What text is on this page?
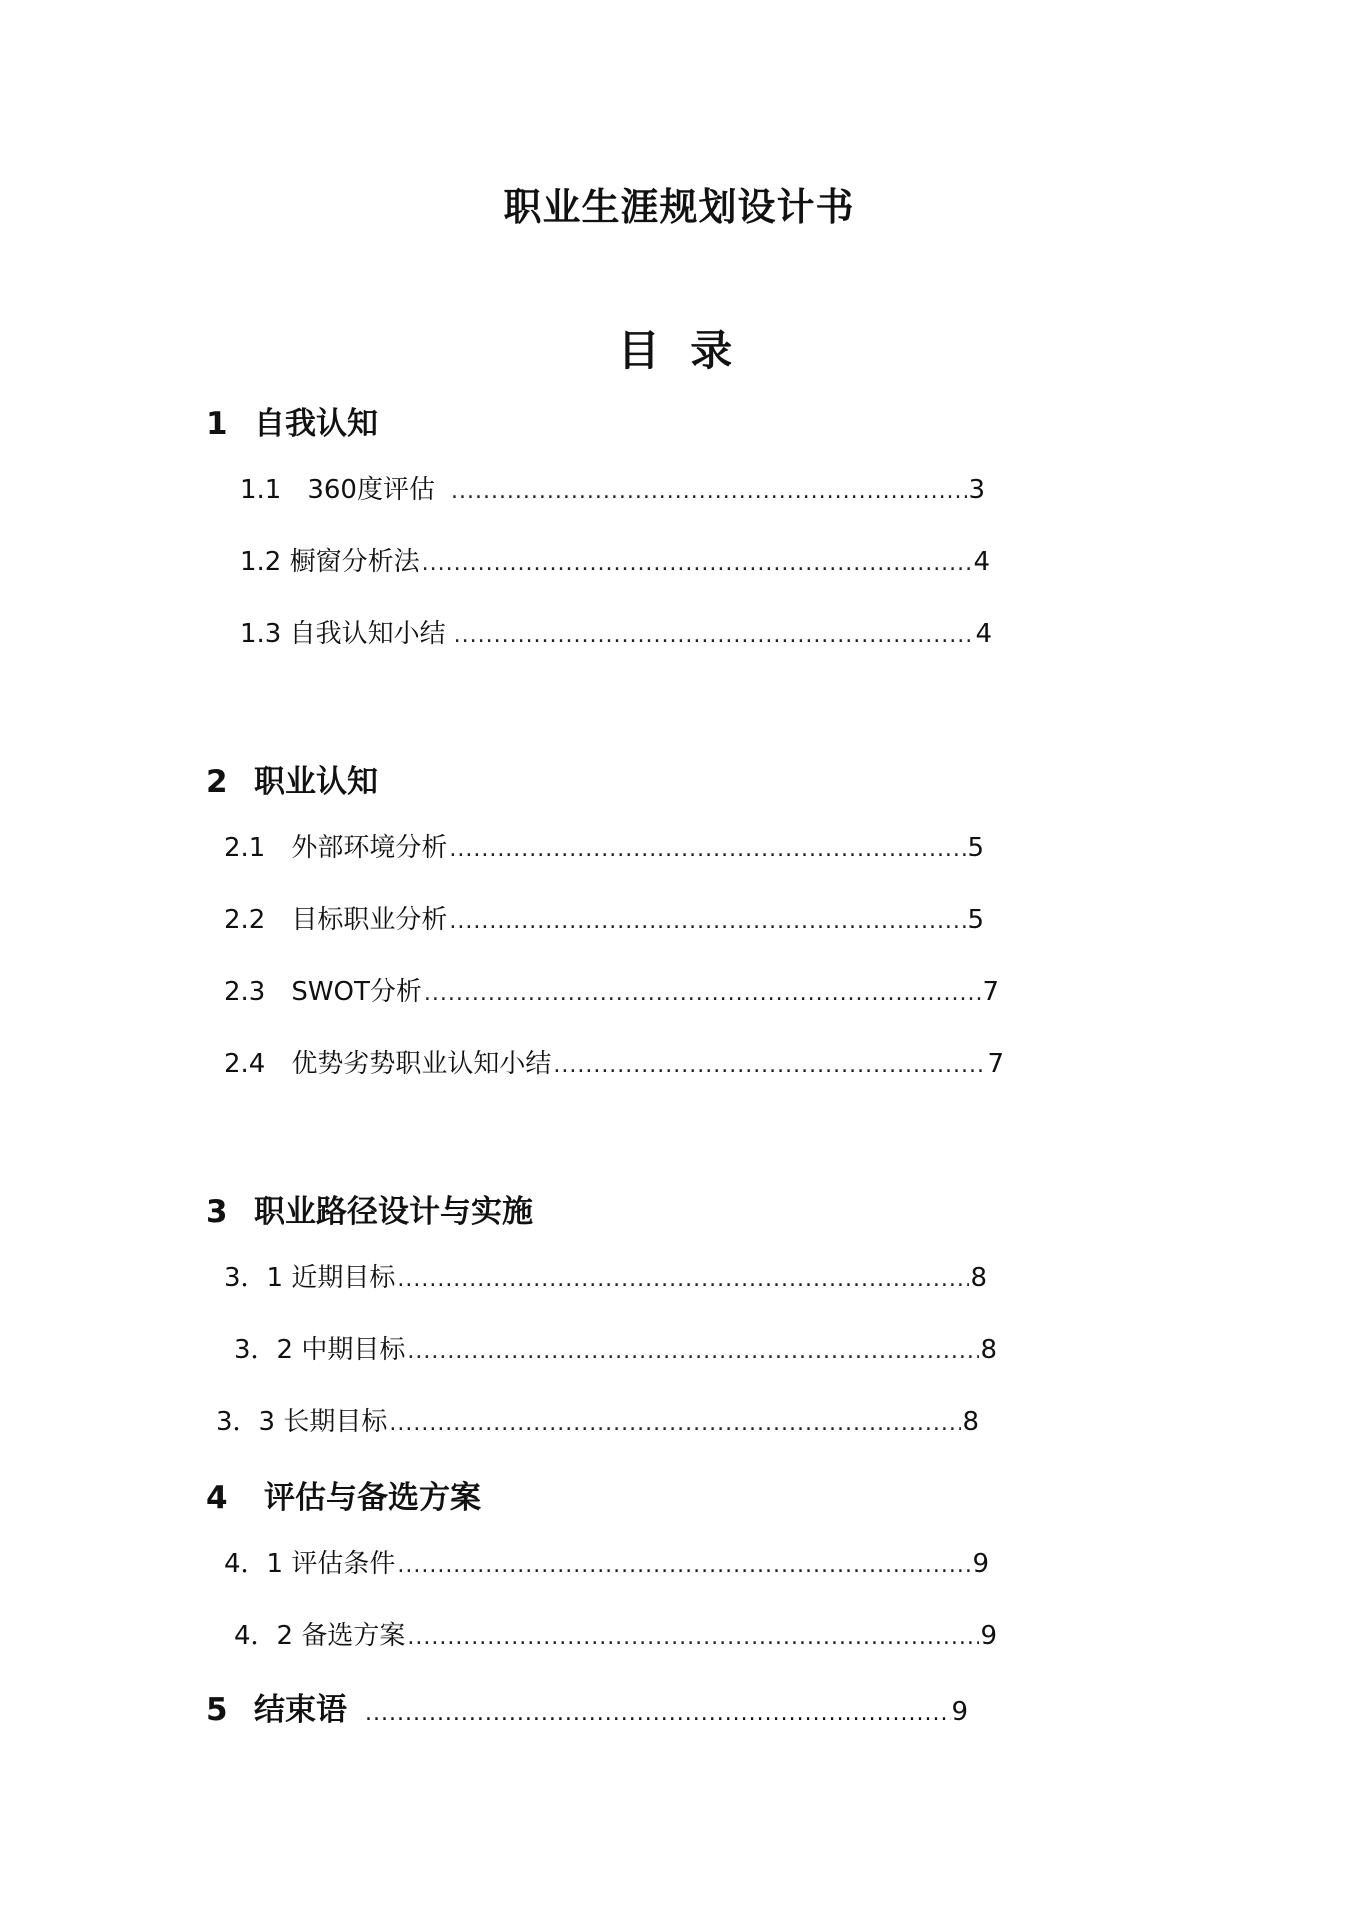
职业生涯规划设计书
目 录
1 自我认知
1.1　360度评估 .....	3
1.2 橱窗分析法 .....	4
1.3 自我认知小结 .....	4
2 职业认知
2.1　外部环境分析 .....	5
2.2　目标职业分析 .....	5
2.3　SWOT分析 .....	7
2.4　优势劣势职业认知小结 .....	7
3 职业路径设计与实施
3．1 近期目标 .....	8
3．2 中期目标 .....	8
3．3 长期目标 .....	8
4 评估与备选方案
4．1 评估条件 .....	9
4．2 备选方案 .....	9
5 结束语 .....	9
